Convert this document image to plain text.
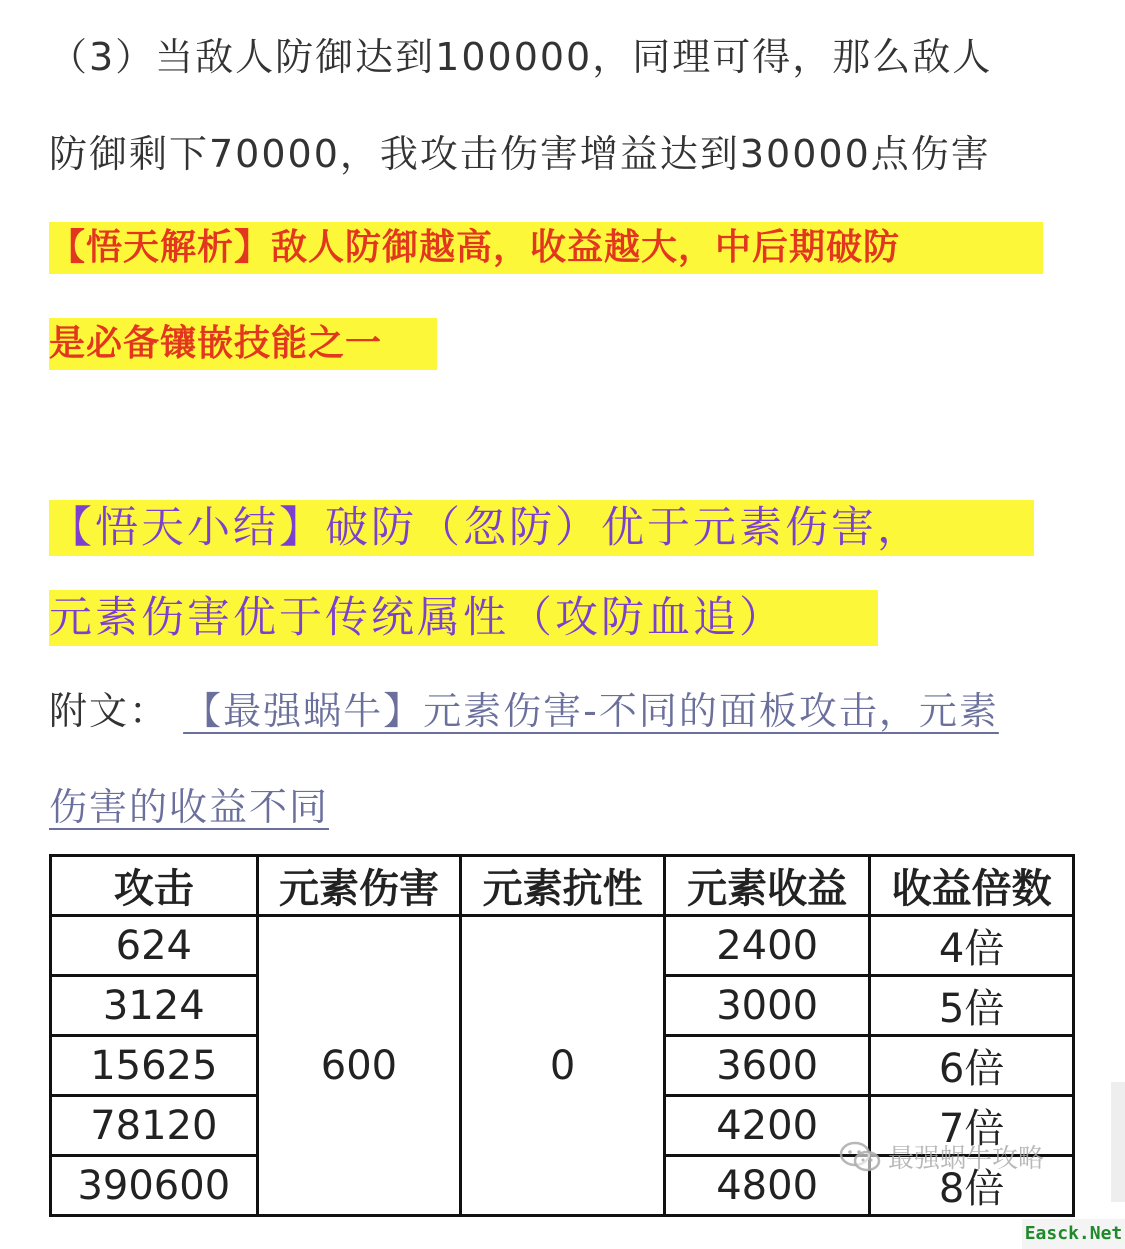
（3）当敌人防御达到100000，同理可得，那么敌人
防御剩下70000，我攻击伤害增益达到30000点伤害
【悟天解析】敌人防御越高，收益越大，中后期破防
是必备镶嵌技能之一
【悟天小结】破防（忽防）优于元素伤害，
元素伤害优于传统属性（攻防血追）
附文： 【最强蜗牛】元素伤害-不同的面板攻击，元素
伤害的收益不同
攻击	元素伤害	元素抗性	元素收益	收益倍数
624	600	0	2400	4倍
3124			3000	5倍
15625			3600	6倍
78120			4200	7倍
390600			4800	8倍
最强蜗牛攻略
Easck.Net
